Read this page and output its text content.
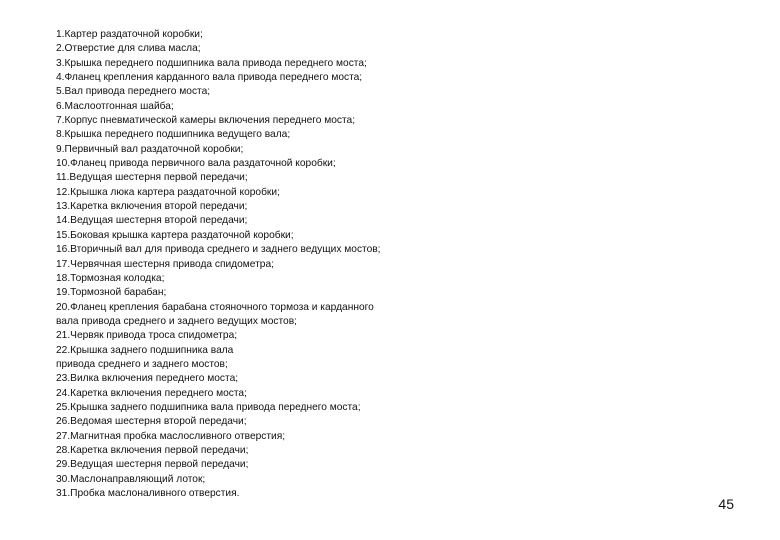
1.Картер раздаточной коробки;
2.Отверстие для слива масла;
3.Крышка переднего подшипника вала привода переднего моста;
4.Фланец крепления карданного вала привода переднего моста;
5.Вал привода переднего моста;
6.Маслоотгонная шайба;
7.Корпус пневматической камеры включения переднего моста;
8.Крышка переднего подшипника ведущего вала;
9.Первичный вал раздаточной коробки;
10.Фланец привода первичного вала раздаточной коробки;
11.Ведущая шестерня первой передачи;
12.Крышка люка картера раздаточной коробки;
13.Каретка включения второй передачи;
14.Ведущая шестерня второй передачи;
15.Боковая крышка картера раздаточной коробки;
16.Вторичный вал для привода среднего и заднего ведущих мостов;
17.Червячная шестерня привода спидометра;
18.Тормозная колодка;
19.Тормозной барабан;
20.Фланец крепления барабана стояночного тормоза и карданного
вала привода среднего и заднего ведущих мостов;
21.Червяк привода троса спидометра;
22.Крышка заднего подшипника вала
привода среднего и заднего мостов;
23.Вилка включения переднего моста;
24.Каретка включения переднего моста;
25.Крышка заднего подшипника вала привода переднего моста;
26.Ведомая шестерня второй передачи;
27.Магнитная пробка маслосливного отверстия;
28.Каретка включения первой передачи;
29.Ведущая шестерня первой передачи;
30.Маслонаправляющий лоток;
31.Пробка маслоналивного отверстия.
45
